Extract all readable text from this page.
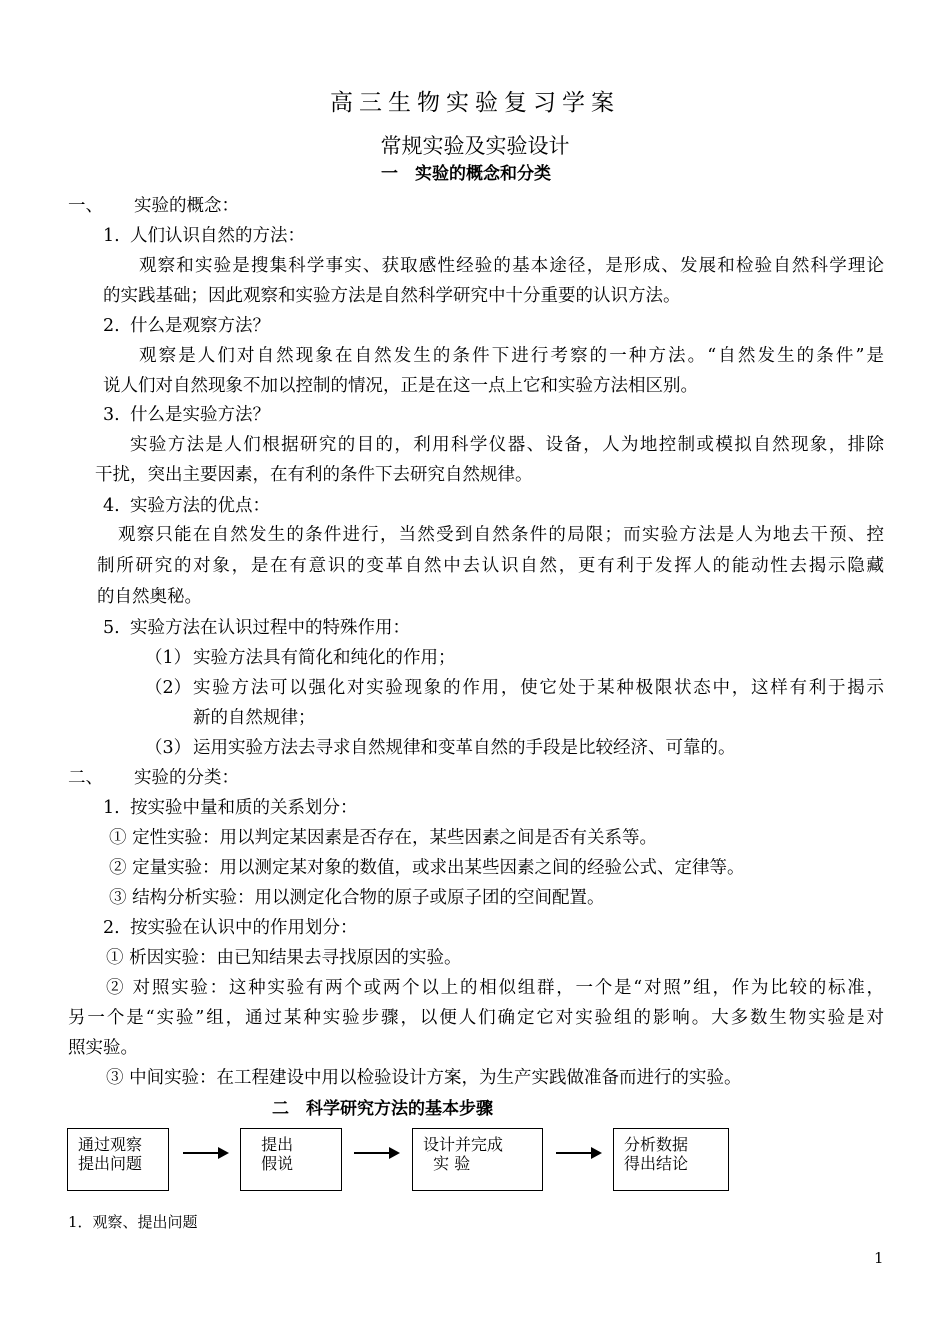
高三生物实验复习学案
常规实验及实验设计
一　实验的概念和分类
一、 实验的概念：
1. 人们认识自然的方法：
观察和实验是搜集科学事实、获取感性经验的基本途径，是形成、发展和检验自然科学理论
的实践基础；因此观察和实验方法是自然科学研究中十分重要的认识方法。
2. 什么是观察方法？
观察是人们对自然现象在自然发生的条件下进行考察的一种方法。“自然发生的条件”是
说人们对自然现象不加以控制的情况，正是在这一点上它和实验方法相区别。
3. 什么是实验方法？
实验方法是人们根据研究的目的，利用科学仪器、设备，人为地控制或模拟自然现象，排除
干扰，突出主要因素，在有利的条件下去研究自然规律。
4. 实验方法的优点：
观察只能在自然发生的条件进行，当然受到自然条件的局限；而实验方法是人为地去干预、控
制所研究的对象，是在有意识的变革自然中去认识自然，更有利于发挥人的能动性去揭示隐藏
的自然奥秘。
5. 实验方法在认识过程中的特殊作用：
（1） 实验方法具有简化和纯化的作用；
（2） 实验方法可以强化对实验现象的作用，使它处于某种极限状态中，这样有利于揭示
新的自然规律；
（3） 运用实验方法去寻求自然规律和变革自然的手段是比较经济、可靠的。
二、 实验的分类：
1. 按实验中量和质的关系划分：
① 定性实验：用以判定某因素是否存在，某些因素之间是否有关系等。
② 定量实验：用以测定某对象的数值，或求出某些因素之间的经验公式、定律等。
③ 结构分析实验：用以测定化合物的原子或原子团的空间配置。
2. 按实验在认识中的作用划分：
① 析因实验：由已知结果去寻找原因的实验。
② 对照实验：这种实验有两个或两个以上的相似组群，一个是“对照”组，作为比较的标准，
另一个是“实验”组，通过某种实验步骤，以便人们确定它对实验组的影响。大多数生物实验是对
照实验。
③ 中间实验：在工程建设中用以检验设计方案，为生产实践做准备而进行的实验。
二　科学研究方法的基本步骤
通过观察
提出问题
提出
假说
设计并完成
实 验
分析数据
得出结论
1．观察、提出问题
1
